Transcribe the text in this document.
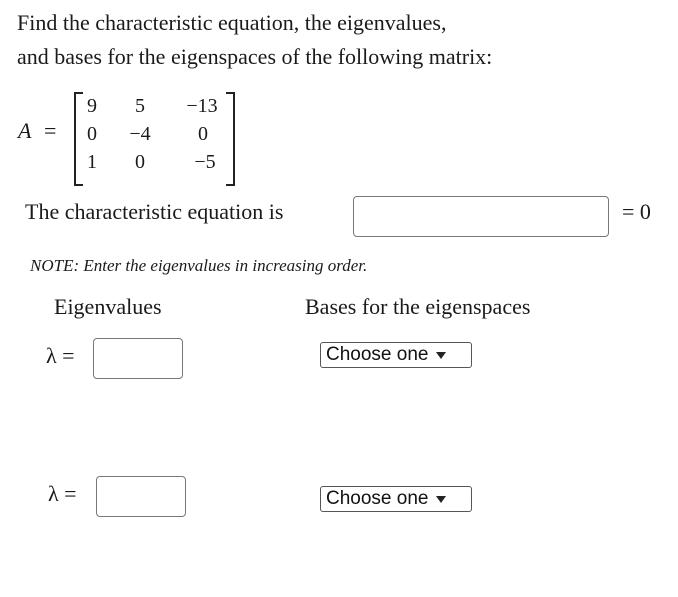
Find the characteristic equation, the eigenvalues,
and bases for the eigenspaces of the following matrix:
A =
9	5	−13
0	−4	0
1	0	−5
The characteristic equation is	= 0
NOTE: Enter the eigenvalues in increasing order.
Eigenvalues	Bases for the eigenspaces
λ =	Choose one
λ =	Choose one
